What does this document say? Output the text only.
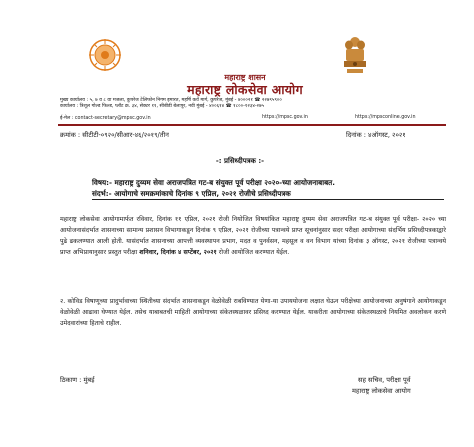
महाराष्ट्र शासन
महाराष्ट्र लोकसेवा आयोग
मुख्य कार्यालय : ५, ७ व ८ वा मजला, कुपरेज टेलिफोन निगम इमारत, महर्षि कर्वे मार्ग, कुपरेज, मुंबई - ४०००२१ ☎ २२७९५९००
कार्यालय : त्रिशूल गोल्ड फिल्ड, प्लॉट क्र. ३४, सेक्टर ११, सीबीडी बेलापूर, नवी मुंबई - ४००६१४ ☎ १८००-१२३४-२७५
ई-मेल : contact-secretary@mpsc.gov.in	https://mpsc.gov.in	https://mpsconline.gov.in
क्रमांक : सीटीटी-०९२०/सीआर-४६/२०१९/तीन	दिनांक : ४ऑगस्ट, २०२१
-: प्रसिध्दीपत्रक :-
विषय:- महाराष्ट्र दुय्यम सेवा अराजपत्रित गट-ब संयुक्त पूर्व परीक्षा २०२०-च्या आयोजनाबाबत.
संदर्भ:- आयोगाचे समक्रमांकाचे दिनांक ९ एप्रिल, २०२१ रोजीचे प्रसिध्दीपत्रक

महाराष्ट्र लोकसेवा आयोगामार्फत रविवार, दिनांक ११ एप्रिल, २०२१ रोजी नियोजित विषयांकित महाराष्ट्र दुय्यम सेवा अराजपत्रित गट-ब संयुक्त पूर्व परीक्षा- २०२० च्या आयोजनासंदर्भात शासनाच्या सामान्य प्रशासन विभागाकडून दिनांक ९ एप्रिल, २०२१ रोजीच्या पत्रान्वये प्राप्त सूचनांनुसार सदर परीक्षा आयोगाच्या संदर्भिय प्रसिध्दीपत्रकाद्वारे पुढे ढकलण्यात आली होती. यासंदर्भात शासनाच्या आपत्ती व्यवस्थापन प्रभाग, मदत व पुनर्वसन, महसूल व वन विभाग यांच्या दिनांक ३ ऑगस्ट, २०२१ रोजीच्या पत्रान्वये प्राप्त अभिप्रायानुसार प्रस्तुत परीक्षा शनिवार, दिनांक ४ सप्टेंबर, २०२१ रोजी आयोजित करण्यात येईल.

२. कोविड विषाणूच्या प्रादुर्भावाच्या स्थितीच्या संदर्भात शासनाकडून वेळोवेळी राबविण्यात येणा-या उपाययोजना लक्षात घेऊन परीक्षेच्या आयोजनाच्या अनुषंगाने आयोगाकडून वेळोवेळी आढावा घेण्यात येईल. तसेच याबाबतची माहिती आयोगाच्या संकेतस्थळावर प्रसिध्द करण्यात येईल. याकरीता आयोगाच्या संकेतस्थळाचे नियमित अवलोकन करणे उमेदवारांच्या हिताचे राहील.

ठिकाण : मुंबई	सह सचिव, परीक्षा पूर्व
महाराष्ट्र लोकसेवा आयोग
